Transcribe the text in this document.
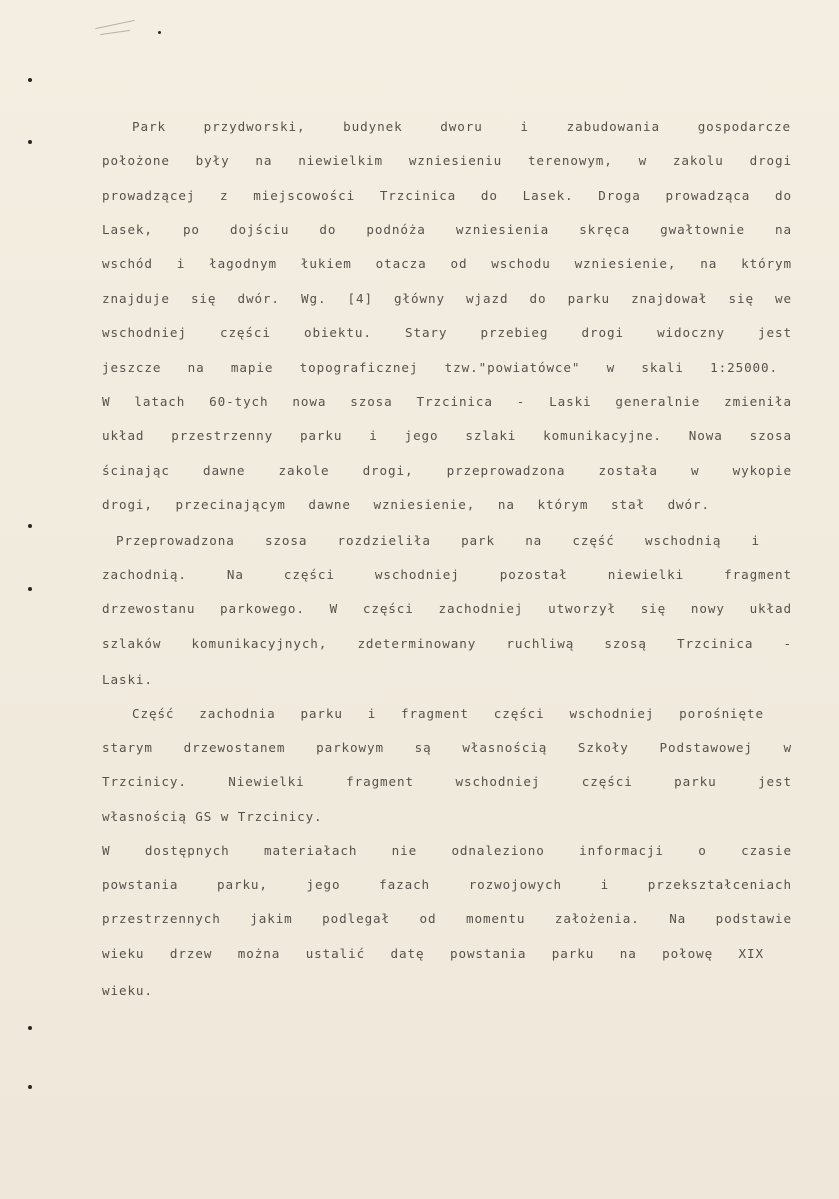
Park przydworski, budynek dworu i zabudowania gospodarcze
położone były na niewielkim wzniesieniu terenowym, w zakolu drogi
prowadzącej z miejscowości Trzcinica do Lasek. Droga prowadząca do
Lasek, po dojściu do podnóża wzniesienia skręca gwałtownie na
wschód i łagodnym łukiem otacza od wschodu wzniesienie, na którym
znajduje się dwór. Wg. [4] główny wjazd do parku znajdował się we
wschodniej części obiektu. Stary przebieg drogi widoczny jest
jeszcze na mapie topograficznej tzw."powiatówce" w skali 1:25000.
W latach 60-tych nowa szosa Trzcinica - Laski generalnie zmieniła
układ przestrzenny parku i jego szlaki komunikacyjne. Nowa szosa
ścinając dawne zakole drogi, przeprowadzona została w wykopie
drogi, przecinającym dawne wzniesienie, na którym stał dwór.
Przeprowadzona szosa rozdzieliła park na część wschodnią i
zachodnią. Na części wschodniej pozostał niewielki fragment
drzewostanu parkowego. W części zachodniej utworzył się nowy układ
szlaków komunikacyjnych, zdeterminowany ruchliwą szosą Trzcinica -
Laski.
Część zachodnia parku i fragment części wschodniej porośnięte
starym drzewostanem parkowym są własnością Szkoły Podstawowej w
Trzcinicy. Niewielki fragment wschodniej części parku jest
własnością GS w Trzcinicy.
W dostępnych materiałach nie odnaleziono informacji o czasie
powstania parku, jego fazach rozwojowych i przekształceniach
przestrzennych jakim podlegał od momentu założenia. Na podstawie
wieku drzew można ustalić datę powstania parku na połowę XIX
wieku.
